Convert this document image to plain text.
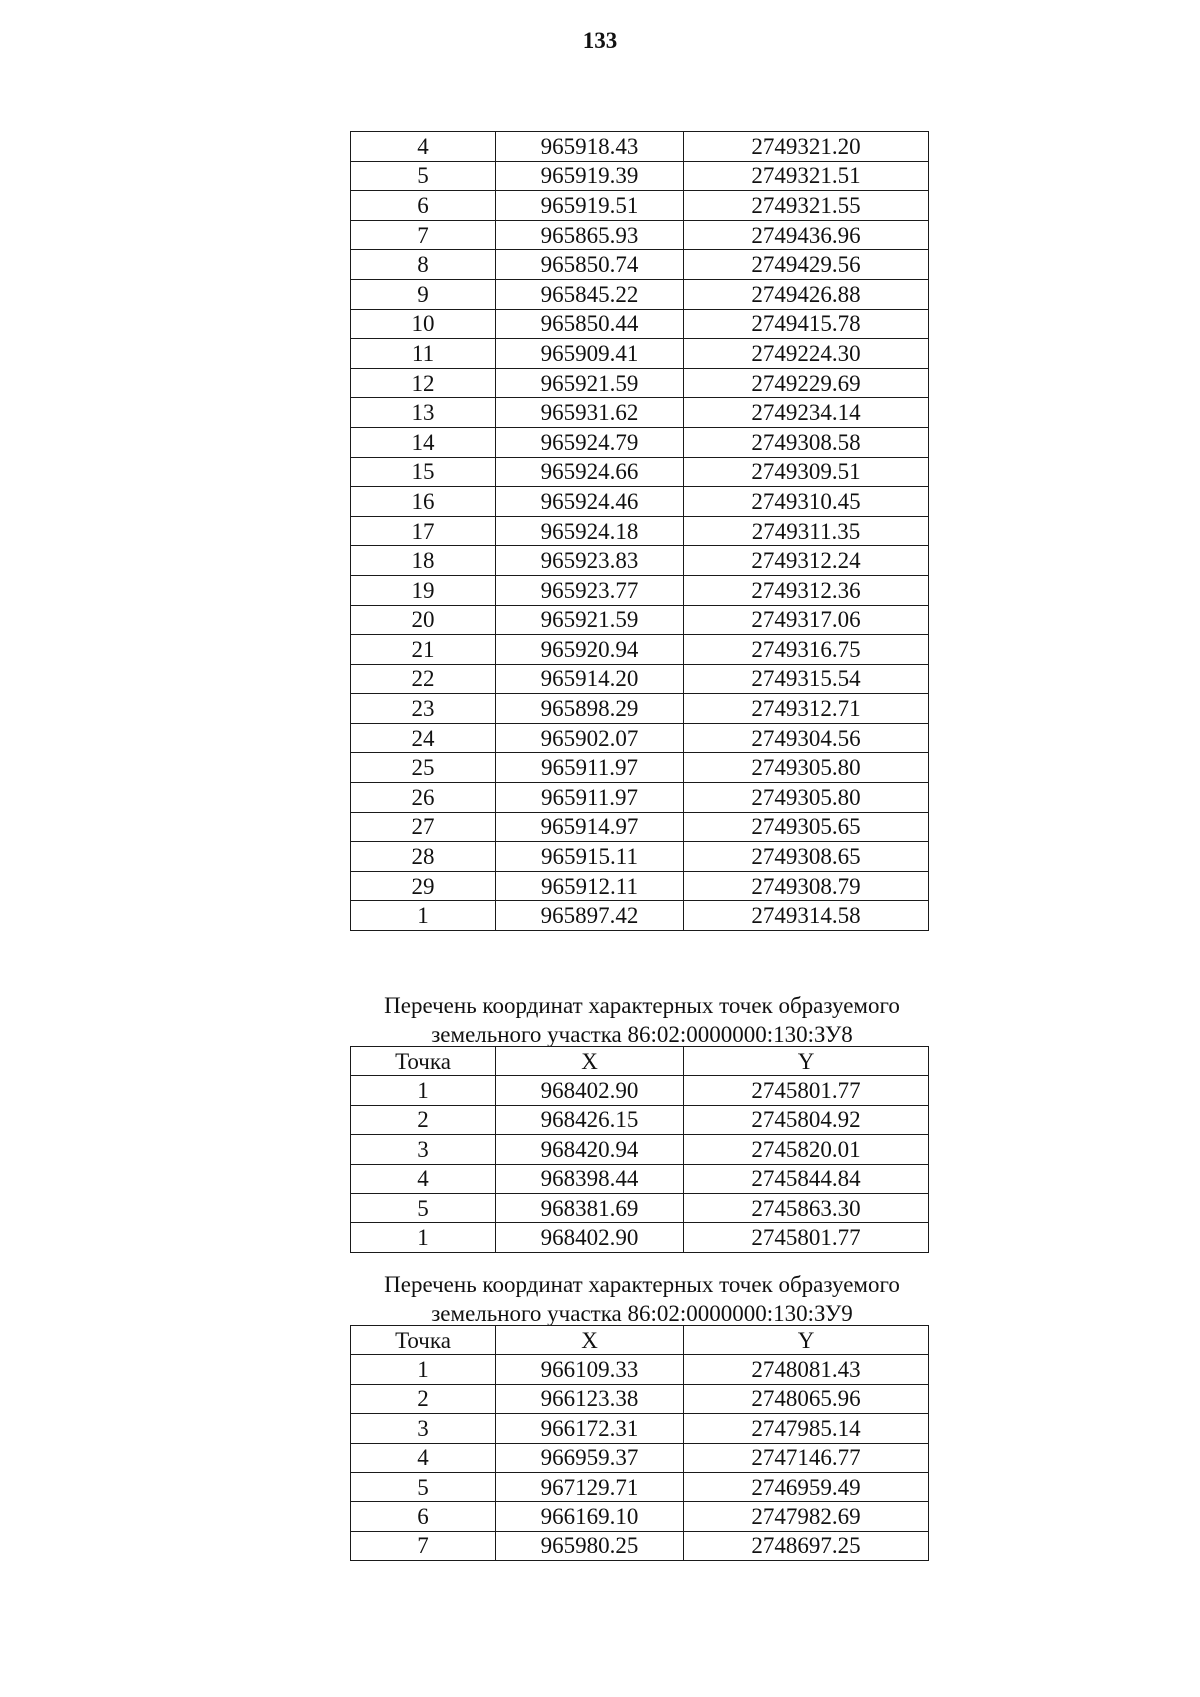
133
4	965918.43	2749321.20
5	965919.39	2749321.51
6	965919.51	2749321.55
7	965865.93	2749436.96
8	965850.74	2749429.56
9	965845.22	2749426.88
10	965850.44	2749415.78
11	965909.41	2749224.30
12	965921.59	2749229.69
13	965931.62	2749234.14
14	965924.79	2749308.58
15	965924.66	2749309.51
16	965924.46	2749310.45
17	965924.18	2749311.35
18	965923.83	2749312.24
19	965923.77	2749312.36
20	965921.59	2749317.06
21	965920.94	2749316.75
22	965914.20	2749315.54
23	965898.29	2749312.71
24	965902.07	2749304.56
25	965911.97	2749305.80
26	965911.97	2749305.80
27	965914.97	2749305.65
28	965915.11	2749308.65
29	965912.11	2749308.79
1	965897.42	2749314.58
Перечень координат характерных точек образуемого
земельного участка 86:02:0000000:130:ЗУ8
Точка	X	Y
1	968402.90	2745801.77
2	968426.15	2745804.92
3	968420.94	2745820.01
4	968398.44	2745844.84
5	968381.69	2745863.30
1	968402.90	2745801.77
Перечень координат характерных точек образуемого
земельного участка 86:02:0000000:130:ЗУ9
Точка	X	Y
1	966109.33	2748081.43
2	966123.38	2748065.96
3	966172.31	2747985.14
4	966959.37	2747146.77
5	967129.71	2746959.49
6	966169.10	2747982.69
7	965980.25	2748697.25
